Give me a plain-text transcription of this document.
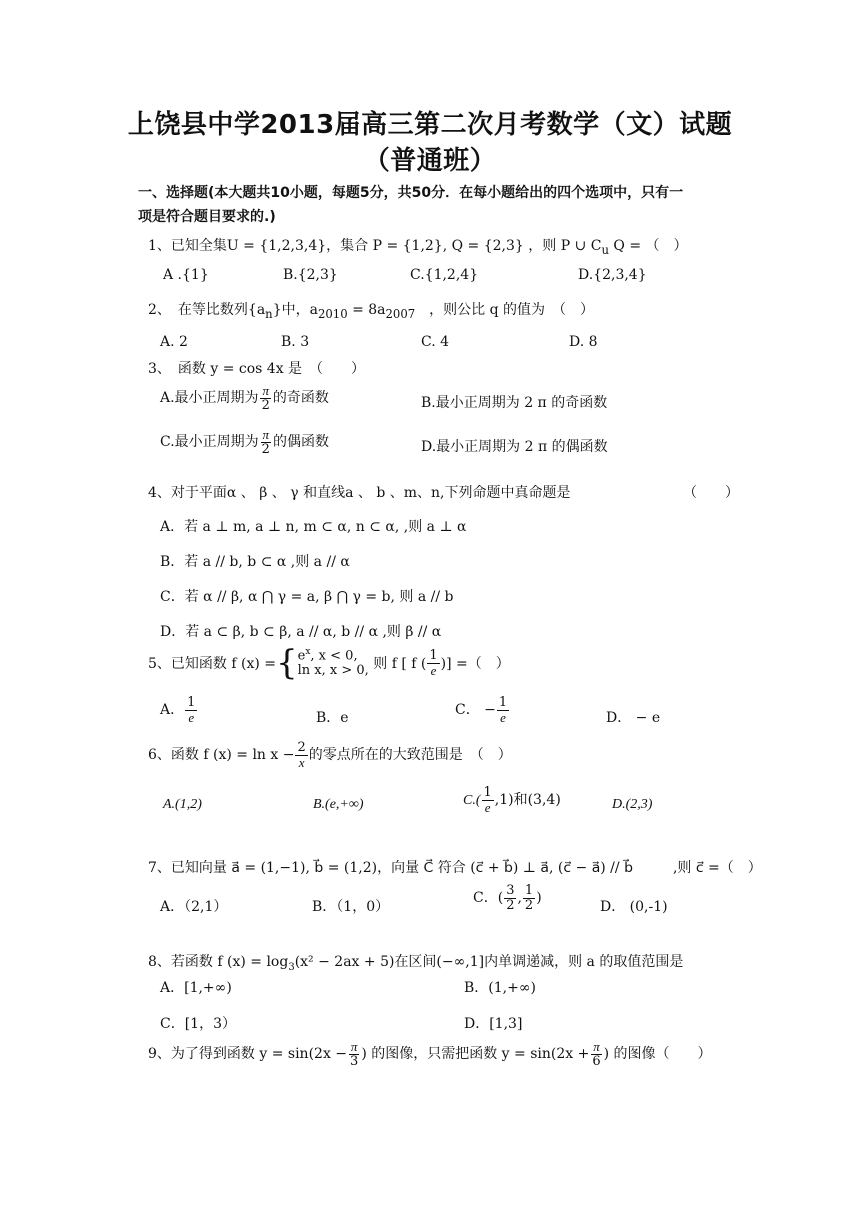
上饶县中学2013届高三第二次月考数学（文）试题
（普通班）
一、选择题(本大题共10小题，每题5分，共50分．在每小题给出的四个选项中，只有一
项是符合题目要求的.)
1、已知全集U = {1,2,3,4}，集合 P = {1,2}, Q = {2,3} ，则 P ∪ $C_u$ Q = （　）
A .{1}	B.{2,3}	C.{1,2,4}	D.{2,3,4}
2、　在等比数列$\{a_n\}$中，$a_{2010} = 8a_{2007}$　，则公比 q 的值为　（　）
A. 2	B. 3	C. 4	D. 8
3、　函数 y = cos 4x 是　（　　）
A.最小正周期为 $\frac{\pi}{2}$ 的奇函数	B.最小正周期为 2 π 的奇函数
C.最小正周期为 $\frac{\pi}{2}$ 的偶函数	D.最小正周期为 2 π 的偶函数
4、对于平面α 、 β 、 γ 和直线a 、 b 、m、n,下列命题中真命题是	（　　）
A．若 a ⊥ m, a ⊥ n, m ⊂ α, n ⊂ α, ,则 a ⊥ α
B．若 a // b, b ⊂ α ,则 a // α
C．若 α // β, α ⋂ γ = a, β ⋂ γ = b, 则 a // b
D．若 a ⊂ β, b ⊂ β, a // α, b // α ,则 β // α
5、已知函数 f $(x) =\{e^x$, x < 0,
ln x, x > 0, 则 f [ f ( $\frac{1}{e}$ )] =（　）
A． $\frac{1}{e}$	B．e	C． − $\frac{1}{e}$	D． − e
6、函数 f $(x) = \ln x - \frac{2}{x}$ 的零点所在的大致范围是　（　）
A.(1,2)	B.(e,+∞)	$C.( \frac{1}{e} ,1)$和(3,4)	D.(2,3)
7、已知向量 a⃗ = (1,−1), b⃗ = (1,2)，向量 C⃗ 符合 (c⃗ + b⃗) ⊥ a⃗, (c⃗ − a⃗) // b⃗	,则 c⃗ =（　）
A．（2,1）	B．（1，0）
C．( $\frac{3}{2}$ , $\frac{1}{2}$ )
D． (0,-1)
8、若函数 f $(x) = \log_3(x^2 - 2ax + 5)$在区间(−∞,1]内单调递减，则 a 的取值范围是
A．[1,+∞)	B．(1,+∞)
C．[1，3）	D．[1,3]
9、为了得到函数 $y = \sin(2x - \frac{\pi}{3}$ ) 的图像，只需把函数 $y = \sin(2x + \frac{\pi}{6}$ ) 的图像（　　）
